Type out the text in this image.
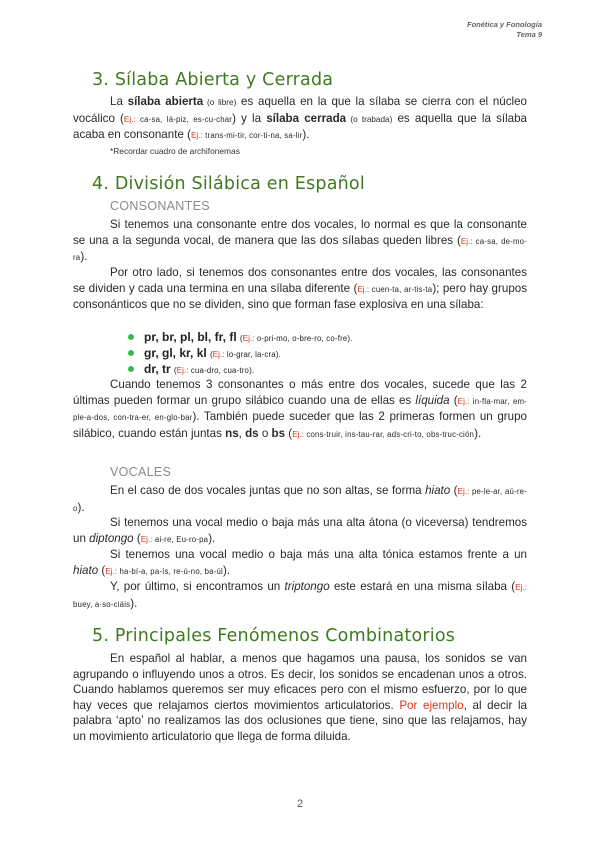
Fonética y Fonología
Tema 9
3. Sílaba Abierta y Cerrada
La sílaba abierta (o libre) es aquella en la que la sílaba se cierra con el núcleo vocálico (Ej.: ca-sa, lá-piz, es-cu-char) y la sílaba cerrada (o trabada) es aquella que la sílaba acaba en consonante (Ej.: trans-mi-tir, cor-ti-na, sa-lir).
*Recordar cuadro de archifonemas
4. División Silábica en Español
CONSONANTES
Si tenemos una consonante entre dos vocales, lo normal es que la consonante se una a la segunda vocal, de manera que las dos sílabas queden libres (Ej.: ca-sa, de-mo-ra).
Por otro lado, si tenemos dos consonantes entre dos vocales, las consonantes se dividen y cada una termina en una sílaba diferente (Ej.: cuen-ta, ar-tis-ta); pero hay grupos consonánticos que no se dividen, sino que forman fase explosiva en una sílaba:
pr, br, pl, bl, fr, fl (Ej.: o-pri-mo, o-bre-ro, co-fre).
gr, gl, kr, kl (Ej.: lo-grar, la-cra).
dr, tr (Ej.: cua-dro, cua-tro).
Cuando tenemos 3 consonantes o más entre dos vocales, sucede que las 2 últimas pueden formar un grupo silábico cuando una de ellas es líquida (Ej.: in-fla-mar, em-ple-a-dos, con-tra-er, en-glo-bar). También puede suceder que las 2 primeras formen un grupo silábico, cuando están juntas ns, ds o bs (Ej.: cons-truir, ins-tau-rar, ads-cri-to, obs-truc-ción).
VOCALES
En el caso de dos vocales juntas que no son altas, se forma hiato (Ej.: pe-le-ar, aú-re-o).
Si tenemos una vocal medio o baja más una alta átona (o viceversa) tendremos un diptongo (Ej.: ai-re, Eu-ro-pa).
Si tenemos una vocal medio o baja más una alta tónica estamos frente a un hiato (Ej.: ha-bí-a, pa-ís, re-ú-no, ba-úl).
Y, por último, si encontramos un triptongo este estará en una misma sílaba (Ej.: buey, a-so-ciáis).
5. Principales Fenómenos Combinatorios
En español al hablar, a menos que hagamos una pausa, los sonidos se van agrupando o influyendo unos a otros. Es decir, los sonidos se encadenan unos a otros. Cuando hablamos queremos ser muy eficaces pero con el mismo esfuerzo, por lo que hay veces que relajamos ciertos movimientos articulatorios. Por ejemplo, al decir la palabra ‘apto’ no realizamos las dos oclusiones que tiene, sino que las relajamos, hay un movimiento articulatorio que llega de forma diluida.
2
